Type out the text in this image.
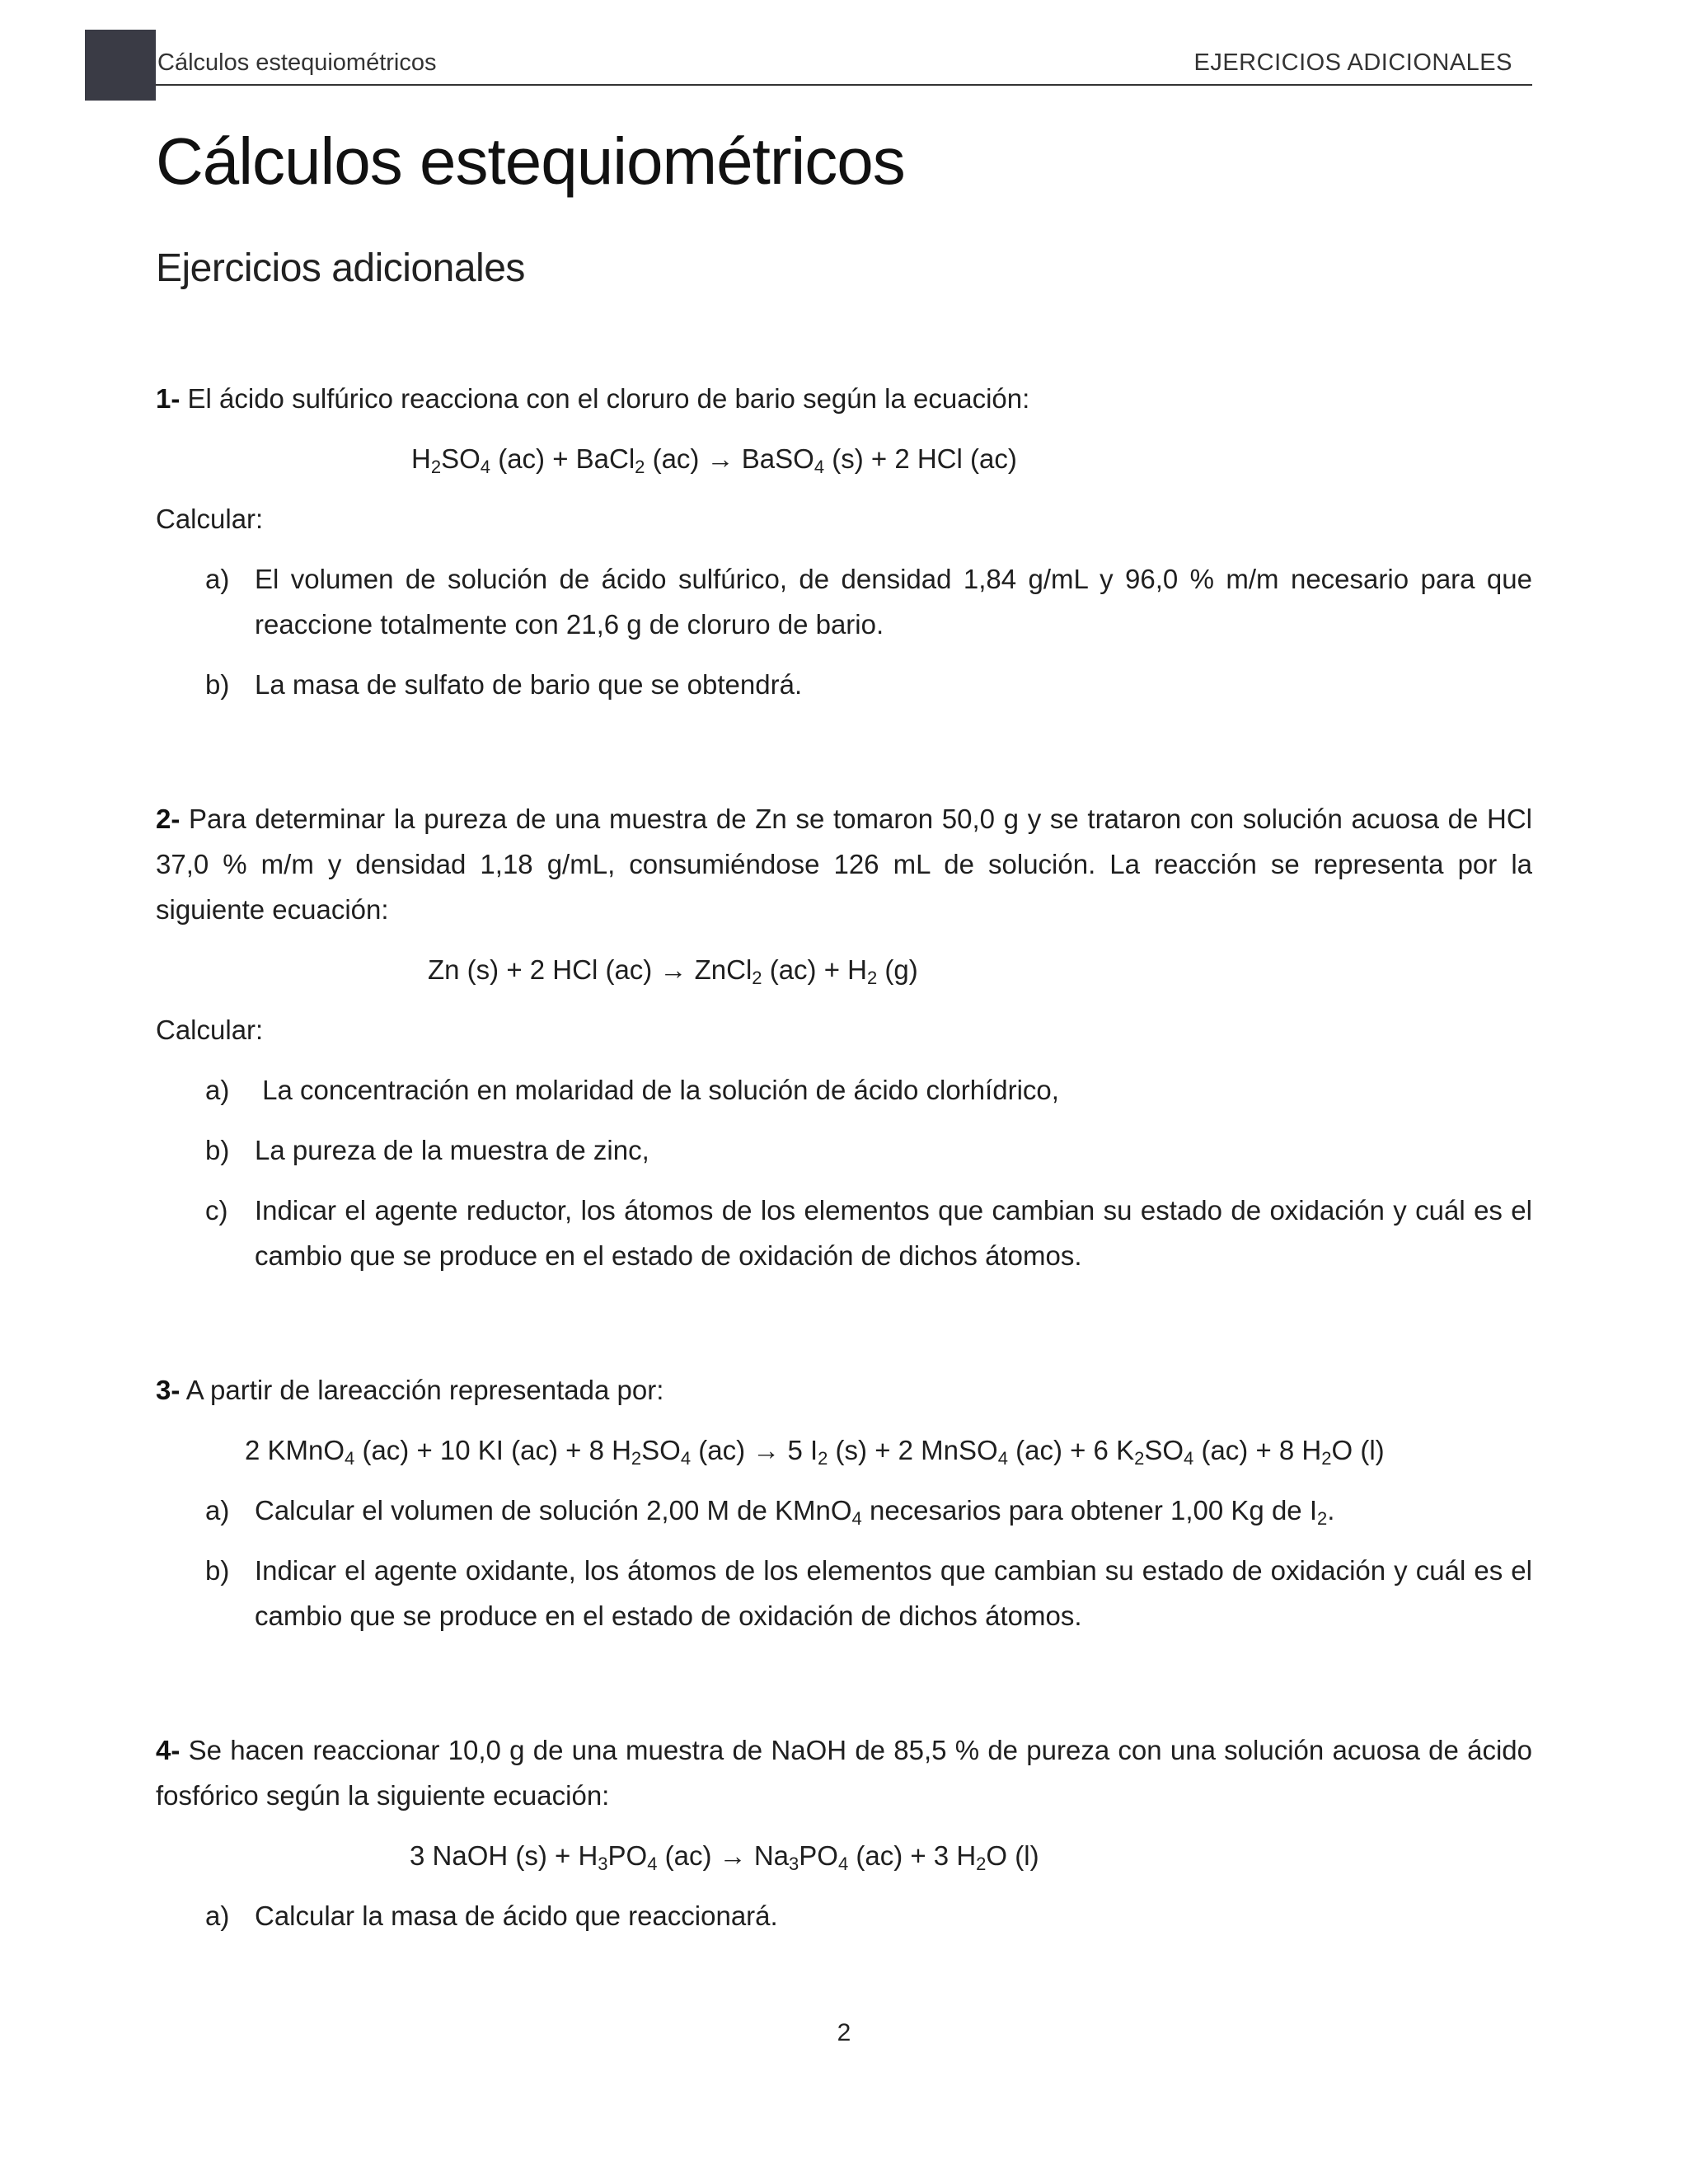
Cálculos estequiométricos	EJERCICIOS ADICIONALES
Cálculos estequiométricos
Ejercicios adicionales

1- El ácido sulfúrico reacciona con el cloruro de bario según la ecuación:

$H_2SO_4$ (ac) + BaCl$_2$ (ac) → BaSO$_4$ (s) + 2 HCl (ac)
Calcular:
a) El volumen de solución de ácido sulfúrico, de densidad 1,84 g/mL y 96,0 % m/m necesario para que reaccione totalmente con 21,6 g de cloruro de bario.
b) La masa de sulfato de bario que se obtendrá.

2- Para determinar la pureza de una muestra de Zn se tomaron 50,0 g y se trataron con solución acuosa de HCl 37,0 % m/m y densidad 1,18 g/mL, consumiéndose 126 mL de solución. La reacción se representa por la siguiente ecuación:

Zn (s) + 2 HCl (ac) → ZnCl$_2$ $(ac) + H_2$ (g)
Calcular:
a) La concentración en molaridad de la solución de ácido clorhídrico,
b) La pureza de la muestra de zinc,
c) Indicar el agente reductor, los átomos de los elementos que cambian su estado de oxidación y cuál es el cambio que se produce en el estado de oxidación de dichos átomos.

3- A partir de lareacción representada por:

2 KMnO$_4$ (ac) + 10 KI (ac) + 8 $H_2SO_4$ (ac) → 5 $I_2$ (s) + 2 MnSO$_4$ (ac) + 6 $K_2SO_4$ (ac) + 8 $H_2O$ (l)
a) Calcular el volumen de solución 2,00 M de KMnO$_4$ necesarios para obtener 1,00 Kg de $I_2$.
b) Indicar el agente oxidante, los átomos de los elementos que cambian su estado de oxidación y cuál es el cambio que se produce en el estado de oxidación de dichos átomos.

4- Se hacen reaccionar 10,0 g de una muestra de NaOH de 85,5 % de pureza con una solución acuosa de ácido fosfórico según la siguiente ecuación:

3 NaOH $(s) + H_3PO_4$ $(ac) \to Na_3PO_4$ (ac) + 3 $H_2O$ (l)
a) Calcular la masa de ácido que reaccionará.
2
